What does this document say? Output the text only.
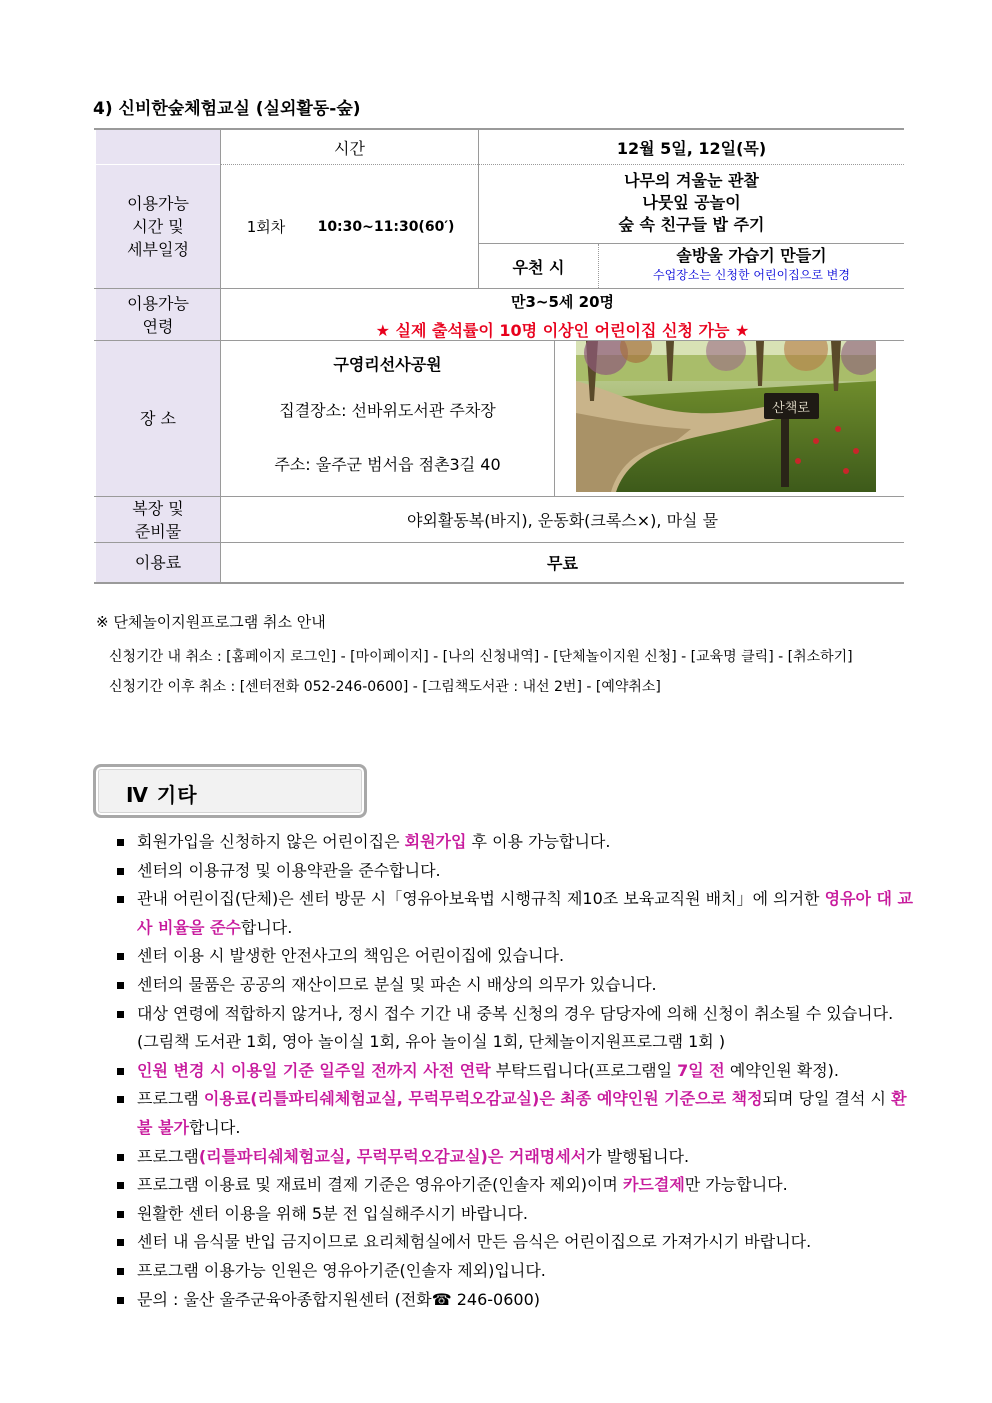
4) 신비한숲체험교실 (실외활동-숲)
이용가능
시간 및
세부일정
이용가능
연령
장 소
복장 및
준비물
이용료
시간	12월 5일, 12일(목)
1회차	10:30~11:30(60′)
나무의 겨울눈 관찰
나뭇잎 공놀이
숲 속 친구들 밥 주기
우천 시
솔방울 가습기 만들기
수업장소는 신청한 어린이집으로 변경
만3~5세 20명
★ 실제 출석률이 10명 이상인 어린이집 신청 가능 ★
구영리선사공원
집결장소: 선바위도서관 주차장
주소: 울주군 범서읍 점촌3길 40
산책로
야외활동복(바지), 운동화(크록스×), 마실 물
무료
※ 단체놀이지원프로그램 취소 안내
신청기간 내 취소 : [홈페이지 로그인] - [마이페이지] - [나의 신청내역] - [단체놀이지원 신청] - [교육명 클릭] - [취소하기]
신청기간 이후 취소 : [센터전화 052-246-0600] - [그림책도서관 : 내선 2번] - [예약취소]
Ⅳ 기타
회원가입을 신청하지 않은 어린이집은 회원가입 후 이용 가능합니다.
센터의 이용규정 및 이용약관을 준수합니다.
관내 어린이집(단체)은 센터 방문 시「영유아보육법 시행규칙 제10조 보육교직원 배치」에 의거한 영유아 대 교사 비율을 준수합니다.
센터 이용 시 발생한 안전사고의 책임은 어린이집에 있습니다.
센터의 물품은 공공의 재산이므로 분실 및 파손 시 배상의 의무가 있습니다.
대상 연령에 적합하지 않거나, 정시 접수 기간 내 중복 신청의 경우 담당자에 의해 신청이 취소될 수 있습니다. (그림책 도서관 1회, 영아 놀이실 1회, 유아 놀이실 1회, 단체놀이지원프로그램 1회 )
인원 변경 시 이용일 기준 일주일 전까지 사전 연락 부탁드립니다(프로그램일 7일 전 예약인원 확정).
프로그램 이용료(리틀파티쉐체험교실, 무럭무럭오감교실)은 최종 예약인원 기준으로 책정되며 당일 결석 시 환불 불가합니다.
프로그램(리틀파티쉐체험교실, 무럭무럭오감교실)은 거래명세서가 발행됩니다.
프로그램 이용료 및 재료비 결제 기준은 영유아기준(인솔자 제외)이며 카드결제만 가능합니다.
원활한 센터 이용을 위해 5분 전 입실해주시기 바랍니다.
센터 내 음식물 반입 금지이므로 요리체험실에서 만든 음식은 어린이집으로 가져가시기 바랍니다.
프로그램 이용가능 인원은 영유아기준(인솔자 제외)입니다.
문의 : 울산 울주군육아종합지원센터 (전화☎ 246-0600)
